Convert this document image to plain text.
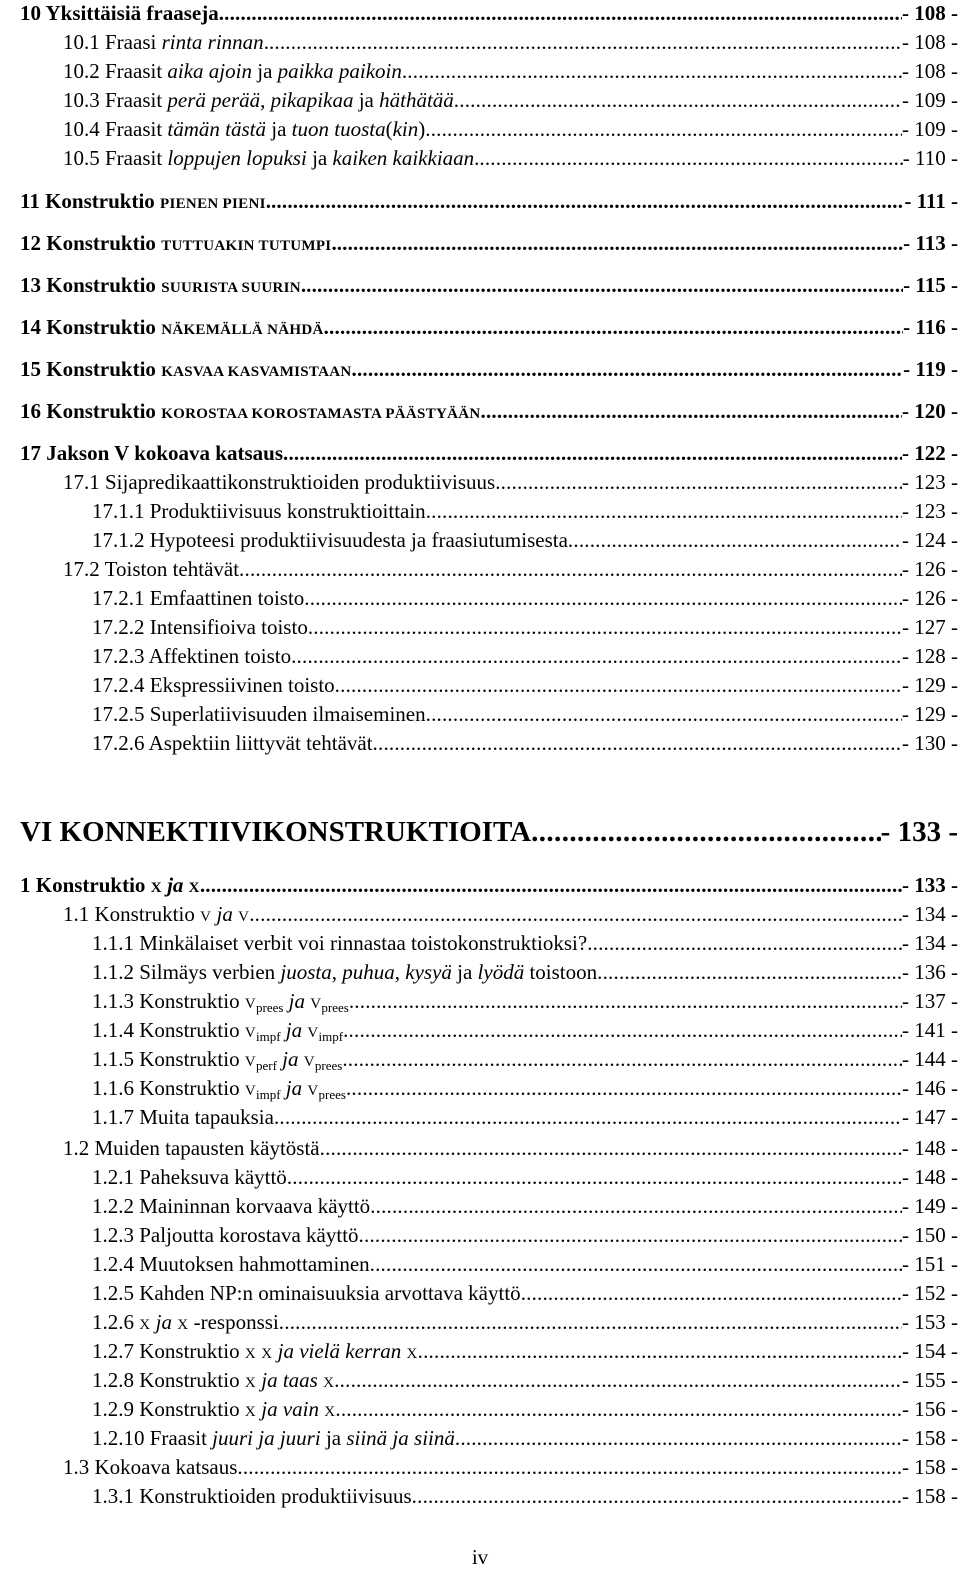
10 Yksittäisiä fraaseja .....	- 108 -
10.1 Fraasi rinta rinnan. .....	- 108 -
10.2 Fraasit aika ajoin ja paikka paikoin .....	- 108 -
10.3 Fraasit perä perää, pikapikaa ja häthätää .....	- 109 -
10.4 Fraasit tämän tästä ja tuon tuosta(kin) .....	- 109 -
10.5 Fraasit loppujen lopuksi ja kaiken kaikkiaan. .....	- 110 -
11 Konstruktio PIENEN PIENI. .....	- 111 -
12 Konstruktio TUTTUAKIN TUTUMPI. .....	- 113 -
13 Konstruktio SUURISTA SUURIN. .....	- 115 -
14 Konstruktio NÄKEMÄLLÄ NÄHDÄ .....	- 116 -
15 Konstruktio KASVAA KASVAMISTAAN .....	- 119 -
16 Konstruktio KOROSTAA KOROSTAMASTA PÄÄSTYÄÄN .....	- 120 -
17 Jakson V kokoava katsaus .....	- 122 -
17.1 Sijapredikaattikonstruktioiden produktiivisuus .....	- 123 -
17.1.1 Produktiivisuus konstruktioittain .....	- 123 -
17.1.2 Hypoteesi produktiivisuudesta ja fraasiutumisesta .....	- 124 -
17.2 Toiston tehtävät .....	- 126 -
17.2.1 Emfaattinen toisto .....	- 126 -
17.2.2 Intensifioiva toisto .....	- 127 -
17.2.3 Affektinen toisto .....	- 128 -
17.2.4 Ekspressiivinen toisto .....	- 129 -
17.2.5 Superlatiivisuuden ilmaiseminen .....	- 129 -
17.2.6 Aspektiin liittyvät tehtävät .....	- 130 -
VI KONNEKTIIVIKONSTRUKTIOITA .....	- 133 -
1 Konstruktio X ja X .....	- 133 -
1.1 Konstruktio V ja V .....	- 134 -
1.1.1 Minkälaiset verbit voi rinnastaa toistokonstruktioksi? .....	- 134 -
1.1.2 Silmäys verbien juosta, puhua, kysyä ja lyödä toistoon .....	- 136 -
1.1.3 Konstruktio $V_{prees}$ ja $V_{prees}$ .....	- 137 -
1.1.4 Konstruktio $V_{impf}$ ja $V_{impf}$ .....	- 141 -
1.1.5 Konstruktio $V_{perf}$ ja $V_{prees}$ .....	- 144 -
1.1.6 Konstruktio $V_{impf}$ ja $V_{prees}$ .....	- 146 -
1.1.7 Muita tapauksia .....	- 147 -
1.2 Muiden tapausten käytöstä .....	- 148 -
1.2.1 Paheksuva käyttö .....	- 148 -
1.2.2 Maininnan korvaava käyttö .....	- 149 -
1.2.3 Paljoutta korostava käyttö .....	- 150 -
1.2.4 Muutoksen hahmottaminen .....	- 151 -
1.2.5 Kahden NP:n ominaisuuksia arvottava käyttö .....	- 152 -
1.2.6 X ja X -responssi .....	- 153 -
1.2.7 Konstruktio X X ja vielä kerran X .....	- 154 -
1.2.8 Konstruktio X ja taas X .....	- 155 -
1.2.9 Konstruktio X ja vain X .....	- 156 -
1.2.10 Fraasit juuri ja juuri ja siinä ja siinä .....	- 158 -
1.3 Kokoava katsaus .....	- 158 -
1.3.1 Konstruktioiden produktiivisuus .....	- 158 -
iv
